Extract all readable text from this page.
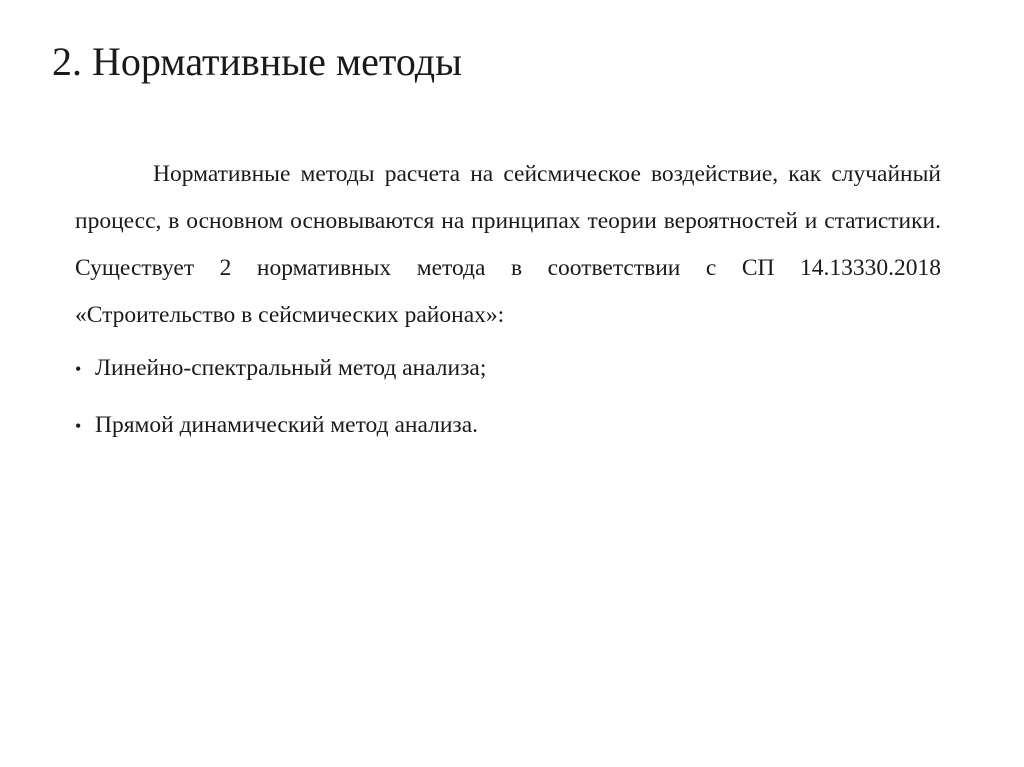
2. Нормативные методы

Нормативные методы расчета на сейсмическое воздействие, как случайный процесс, в основном основываются на принципах теории вероятностей и статистики. Существует 2 нормативных метода в соответствии с СП 14.13330.2018 «Строительство в сейсмических районах»:

• Линейно-спектральный метод анализа;
• Прямой динамический метод анализа.
